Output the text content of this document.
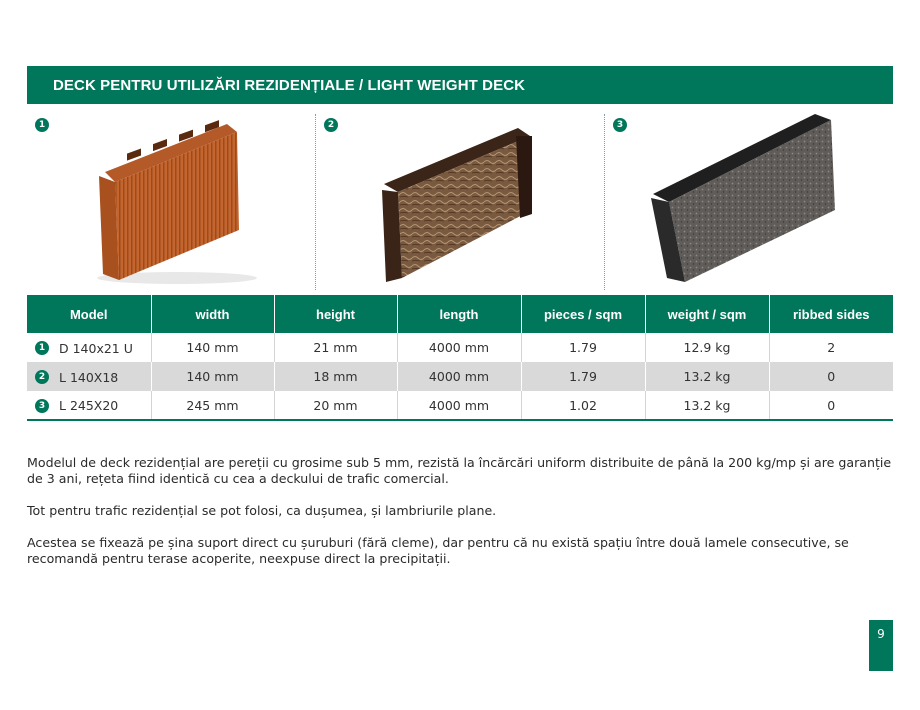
DECK PENTRU UTILIZĂRI REZIDENȚIALE / LIGHT WEIGHT DECK
1	2	3
Model	width	height	length	pieces / sqm	weight / sqm	ribbed sides
1 D 140x21 U	140 mm	21 mm	4000 mm	1.79	12.9 kg	2
2 L 140X18	140 mm	18 mm	4000 mm	1.79	13.2 kg	0
3 L 245X20	245 mm	20 mm	4000 mm	1.02	13.2 kg	0

Modelul de deck rezidențial are pereții cu grosime sub 5 mm, rezistă la încărcări uniform distribuite de până la 200 kg/mp și are garanție de 3 ani, rețeta fiind identică cu cea a deckului de trafic comercial.

Tot pentru trafic rezidențial se pot folosi, ca dușumea, și lambriurile plane.

Acestea se fixează pe șina suport direct cu șuruburi (fără cleme), dar pentru că nu există spațiu între două lamele consecutive, se recomandă pentru terase acoperite, neexpuse direct la precipitații.

9
